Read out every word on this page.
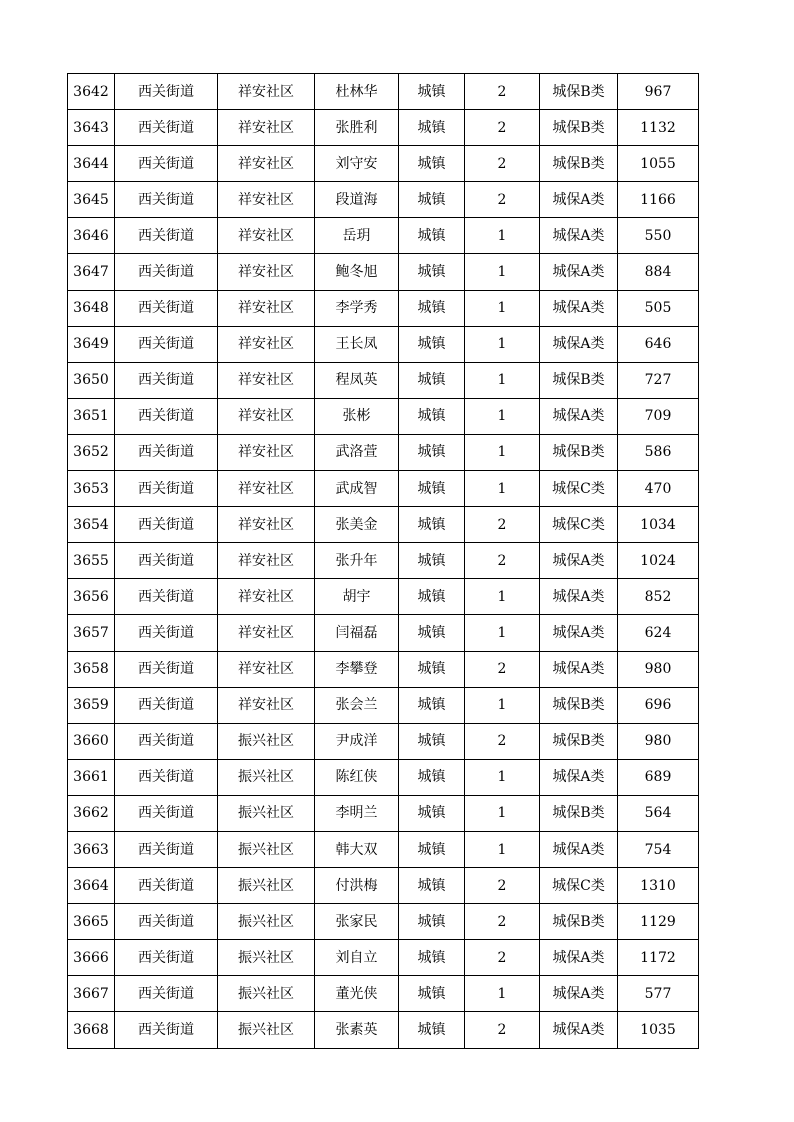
3642	西关街道	祥安社区	杜林华	城镇	2	城保B类	967
3643	西关街道	祥安社区	张胜利	城镇	2	城保B类	1132
3644	西关街道	祥安社区	刘守安	城镇	2	城保B类	1055
3645	西关街道	祥安社区	段道海	城镇	2	城保A类	1166
3646	西关街道	祥安社区	岳玥	城镇	1	城保A类	550
3647	西关街道	祥安社区	鲍冬旭	城镇	1	城保A类	884
3648	西关街道	祥安社区	李学秀	城镇	1	城保A类	505
3649	西关街道	祥安社区	王长凤	城镇	1	城保A类	646
3650	西关街道	祥安社区	程凤英	城镇	1	城保B类	727
3651	西关街道	祥安社区	张彬	城镇	1	城保A类	709
3652	西关街道	祥安社区	武洛萱	城镇	1	城保B类	586
3653	西关街道	祥安社区	武成智	城镇	1	城保C类	470
3654	西关街道	祥安社区	张美金	城镇	2	城保C类	1034
3655	西关街道	祥安社区	张升年	城镇	2	城保A类	1024
3656	西关街道	祥安社区	胡宇	城镇	1	城保A类	852
3657	西关街道	祥安社区	闫福磊	城镇	1	城保A类	624
3658	西关街道	祥安社区	李攀登	城镇	2	城保A类	980
3659	西关街道	祥安社区	张会兰	城镇	1	城保B类	696
3660	西关街道	振兴社区	尹成洋	城镇	2	城保B类	980
3661	西关街道	振兴社区	陈红侠	城镇	1	城保A类	689
3662	西关街道	振兴社区	李明兰	城镇	1	城保B类	564
3663	西关街道	振兴社区	韩大双	城镇	1	城保A类	754
3664	西关街道	振兴社区	付洪梅	城镇	2	城保C类	1310
3665	西关街道	振兴社区	张家民	城镇	2	城保B类	1129
3666	西关街道	振兴社区	刘自立	城镇	2	城保A类	1172
3667	西关街道	振兴社区	董光侠	城镇	1	城保A类	577
3668	西关街道	振兴社区	张素英	城镇	2	城保A类	1035
